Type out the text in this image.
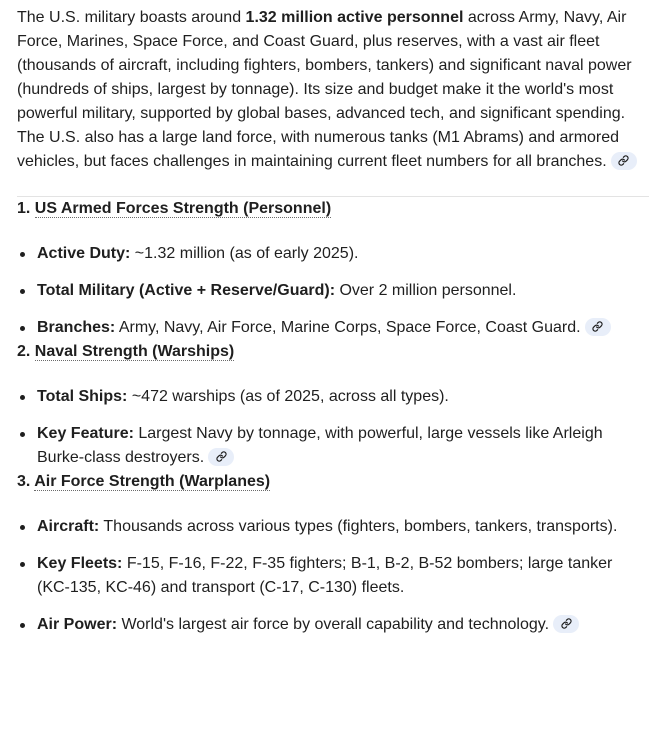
The U.S. military boasts around 1.32 million active personnel across Army, Navy, Air Force, Marines, Space Force, and Coast Guard, plus reserves, with a vast air fleet (thousands of aircraft, including fighters, bombers, tankers) and significant naval power (hundreds of ships, largest by tonnage). Its size and budget make it the world's most powerful military, supported by global bases, advanced tech, and significant spending. The U.S. also has a large land force, with numerous tanks (M1 Abrams) and armored vehicles, but faces challenges in maintaining current fleet numbers for all branches.

1. US Armed Forces Strength (Personnel)
Active Duty: ~1.32 million (as of early 2025).
Total Military (Active + Reserve/Guard): Over 2 million personnel.
Branches: Army, Navy, Air Force, Marine Corps, Space Force, Coast Guard.
2. Naval Strength (Warships)
Total Ships: ~472 warships (as of 2025, across all types).
Key Feature: Largest Navy by tonnage, with powerful, large vessels like Arleigh Burke-class destroyers.
3. Air Force Strength (Warplanes)
Aircraft: Thousands across various types (fighters, bombers, tankers, transports).
Key Fleets: F-15, F-16, F-22, F-35 fighters; B-1, B-2, B-52 bombers; large tanker (KC-135, KC-46) and transport (C-17, C-130) fleets.
Air Power: World's largest air force by overall capability and technology.
